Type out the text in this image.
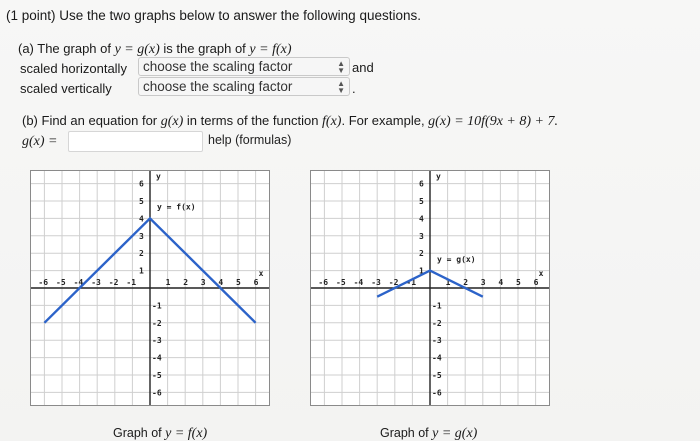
(1 point) Use the two graphs below to answer the following questions.
(a) The graph of y = g(x) is the graph of y = f(x)
scaled horizontally	choose the scaling factor	▲
▼ and
scaled vertically	choose the scaling factor	▲
▼ .
(b) Find an equation for g(x) in terms of the function f(x). For example, g(x) = 10f(9x + 8) + 7.
g(x) =	help (formulas)
-6 -5 -4 -3 -2 -1	1 2 3 4 5 6
6
5
4
3
2
1
-1
-2
-3
-4
-5
-6
x
y
y = f(x)
Graph of y = f(x)
-6 -5 -4 -3 -2 -1	1 2 3 4 5 6
6
5
4
3
2
1
-1
-2
-3
-4
-5
-6
x
y
y = g(x)
Graph of y = g(x)
